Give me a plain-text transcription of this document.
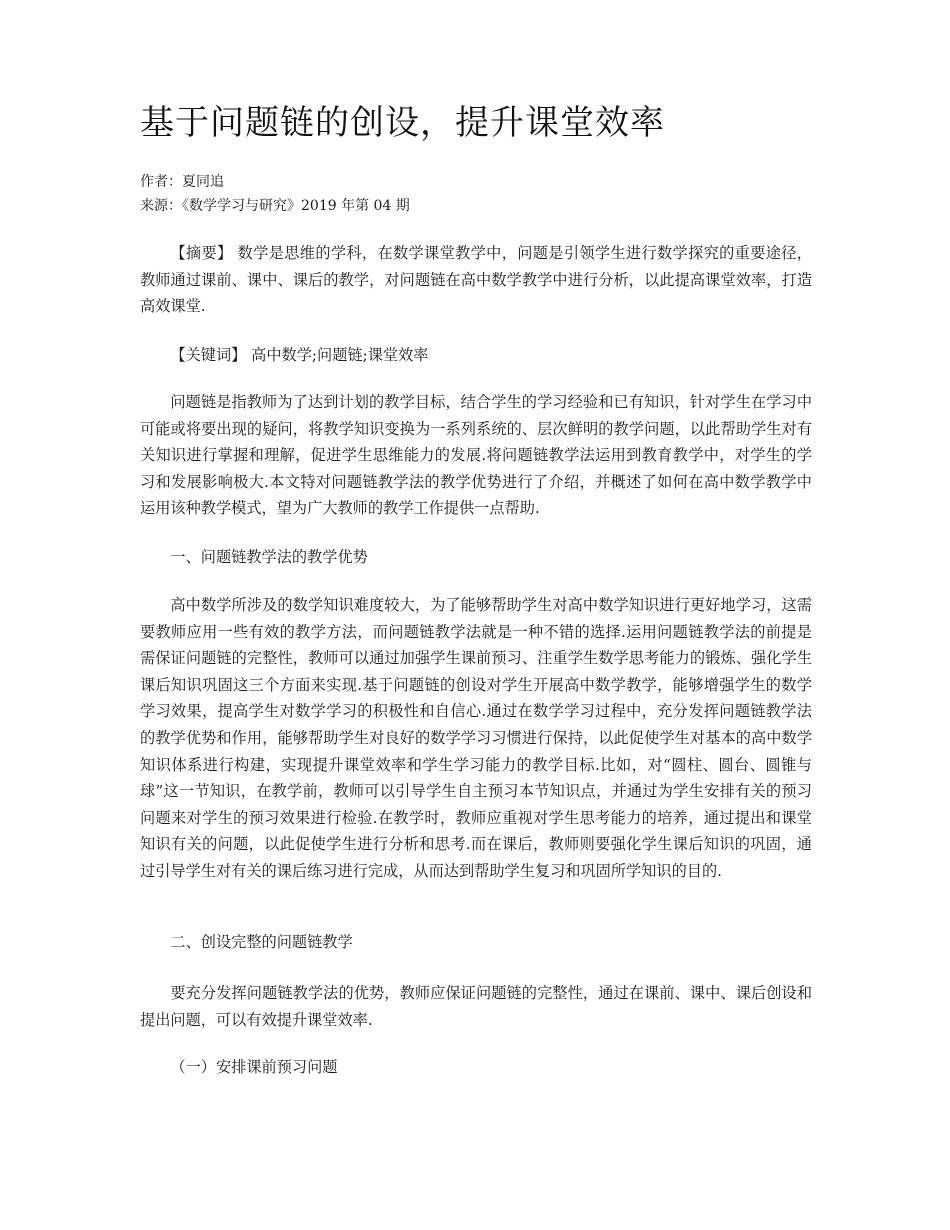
基于问题链的创设，提升课堂效率
作者：夏同追
来源：《数学学习与研究》2019 年第 04 期

【摘要】 数学是思维的学科，在数学课堂教学中，问题是引领学生进行数学探究的重要途径，教师通过课前、课中、课后的教学，对问题链在高中数学教学中进行分析，以此提高课堂效率，打造高效课堂.

【关键词】 高中数学;问题链;课堂效率

问题链是指教师为了达到计划的教学目标，结合学生的学习经验和已有知识，针对学生在学习中可能或将要出现的疑问，将教学知识变换为一系列系统的、层次鲜明的教学问题，以此帮助学生对有关知识进行掌握和理解，促进学生思维能力的发展.将问题链教学法运用到教育教学中，对学生的学习和发展影响极大.本文特对问题链教学法的教学优势进行了介绍，并概述了如何在高中数学教学中运用该种教学模式，望为广大教师的教学工作提供一点帮助.

一、问题链教学法的教学优势

高中数学所涉及的数学知识难度较大，为了能够帮助学生对高中数学知识进行更好地学习，这需要教师应用一些有效的教学方法，而问题链教学法就是一种不错的选择.运用问题链教学法的前提是需保证问题链的完整性，教师可以通过加强学生课前预习、注重学生数学思考能力的锻炼、强化学生课后知识巩固这三个方面来实现.基于问题链的创设对学生开展高中数学教学，能够增强学生的数学学习效果，提高学生对数学学习的积极性和自信心.通过在数学学习过程中，充分发挥问题链教学法的教学优势和作用，能够帮助学生对良好的数学学习习惯进行保持，以此促使学生对基本的高中数学知识体系进行构建，实现提升课堂效率和学生学习能力的教学目标.比如，对“圆柱、圆台、圆锥与球”这一节知识，在教学前，教师可以引导学生自主预习本节知识点，并通过为学生安排有关的预习问题来对学生的预习效果进行检验.在教学时，教师应重视对学生思考能力的培养，通过提出和课堂知识有关的问题，以此促使学生进行分析和思考.而在课后，教师则要强化学生课后知识的巩固，通过引导学生对有关的课后练习进行完成，从而达到帮助学生复习和巩固所学知识的目的.

二、创设完整的问题链教学

要充分发挥问题链教学法的优势，教师应保证问题链的完整性，通过在课前、课中、课后创设和提出问题，可以有效提升课堂效率.

（一）安排课前预习问题
